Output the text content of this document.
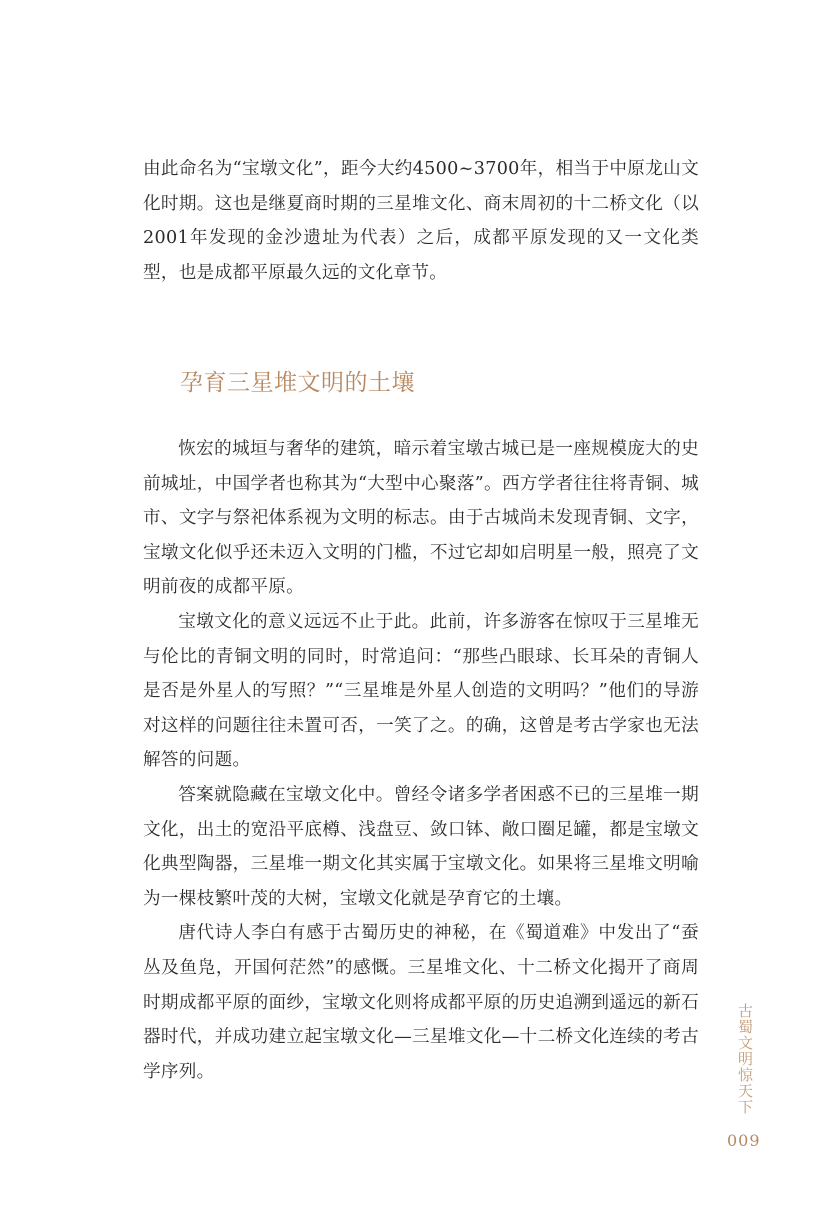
由此命名为“宝墩文化”，距今大约4500~3700年，相当于中原龙山文化时期。这也是继夏商时期的三星堆文化、商末周初的十二桥文化（以2001年发现的金沙遗址为代表）之后，成都平原发现的又一文化类型，也是成都平原最久远的文化章节。

孕育三星堆文明的土壤

恢宏的城垣与奢华的建筑，暗示着宝墩古城已是一座规模庞大的史前城址，中国学者也称其为“大型中心聚落”。西方学者往往将青铜、城市、文字与祭祀体系视为文明的标志。由于古城尚未发现青铜、文字，宝墩文化似乎还未迈入文明的门槛，不过它却如启明星一般，照亮了文明前夜的成都平原。

宝墩文化的意义远远不止于此。此前，许多游客在惊叹于三星堆无与伦比的青铜文明的同时，时常追问：“那些凸眼球、长耳朵的青铜人是否是外星人的写照？”“三星堆是外星人创造的文明吗？”他们的导游对这样的问题往往未置可否，一笑了之。的确，这曾是考古学家也无法解答的问题。

答案就隐藏在宝墩文化中。曾经令诸多学者困惑不已的三星堆一期文化，出土的宽沿平底樽、浅盘豆、敛口钵、敞口圈足罐，都是宝墩文化典型陶器，三星堆一期文化其实属于宝墩文化。如果将三星堆文明喻为一棵枝繁叶茂的大树，宝墩文化就是孕育它的土壤。

唐代诗人李白有感于古蜀历史的神秘，在《蜀道难》中发出了“蚕丛及鱼凫，开国何茫然”的感慨。三星堆文化、十二桥文化揭开了商周时期成都平原的面纱，宝墩文化则将成都平原的历史追溯到遥远的新石器时代，并成功建立起宝墩文化—三星堆文化—十二桥文化连续的考古学序列。	古蜀文明惊天下
009
